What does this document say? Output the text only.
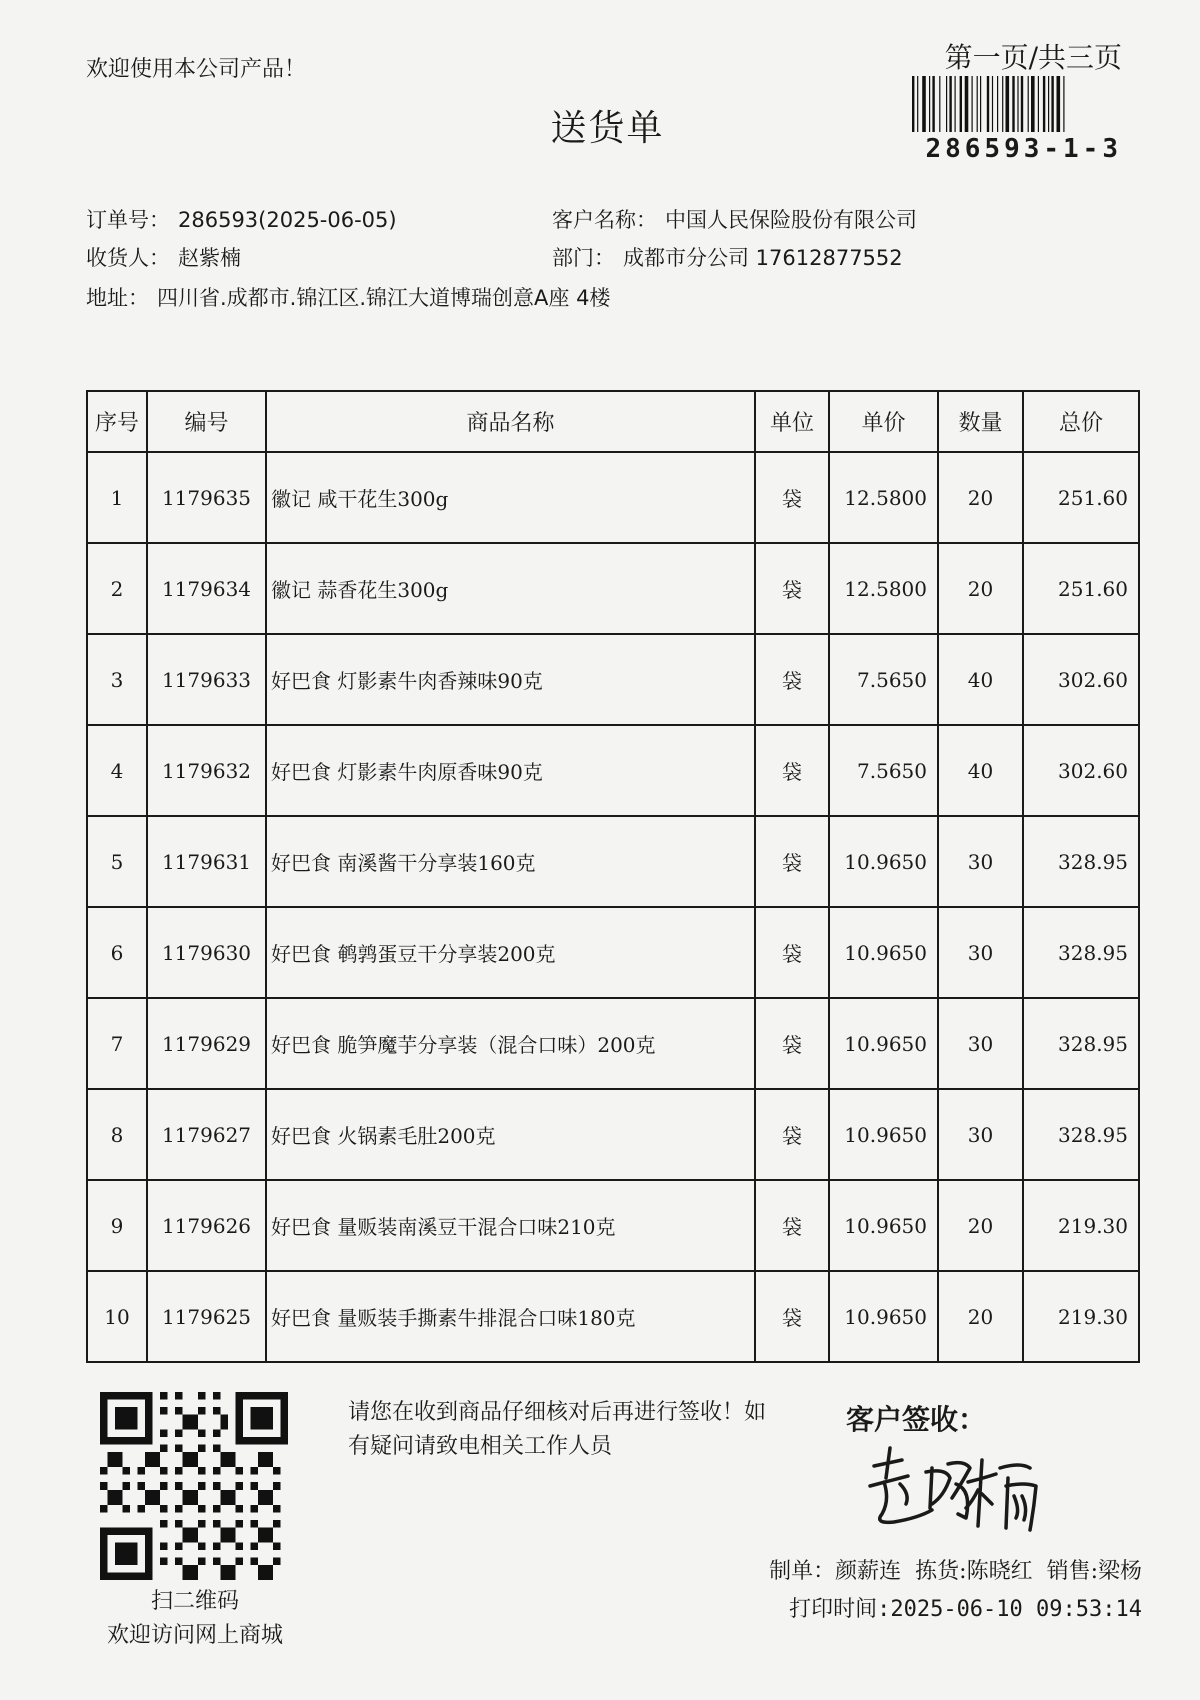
欢迎使用本公司产品！
送货单
第一页/共三页
286593-1-3
订单号： 286593(2025-06-05)	客户名称： 中国人民保险股份有限公司
收货人： 赵紫楠	部门： 成都市分公司 17612877552
地址： 四川省.成都市.锦江区.锦江大道博瑞创意A座 4楼
序号	编号	商品名称	单位	单价	数量	总价
1	1179635	徽记 咸干花生300g	袋	12.5800	20	251.60
2	1179634	徽记 蒜香花生300g	袋	12.5800	20	251.60
3	1179633	好巴食 灯影素牛肉香辣味90克	袋	7.5650	40	302.60
4	1179632	好巴食 灯影素牛肉原香味90克	袋	7.5650	40	302.60
5	1179631	好巴食 南溪酱干分享装160克	袋	10.9650	30	328.95
6	1179630	好巴食 鹌鹑蛋豆干分享装200克	袋	10.9650	30	328.95
7	1179629	好巴食 脆笋魔芋分享装（混合口味）200克	袋	10.9650	30	328.95
8	1179627	好巴食 火锅素毛肚200克	袋	10.9650	30	328.95
9	1179626	好巴食 量贩装南溪豆干混合口味210克	袋	10.9650	20	219.30
10	1179625	好巴食 量贩装手撕素牛排混合口味180克	袋	10.9650	20	219.30
扫二维码
欢迎访问网上商城
请您在收到商品仔细核对后再进行签收！如有疑问请致电相关工作人员
客户签收：
制单：颜薪连 拣货:陈晓红 销售:梁杨
打印时间:2025-06-10 09:53:14
